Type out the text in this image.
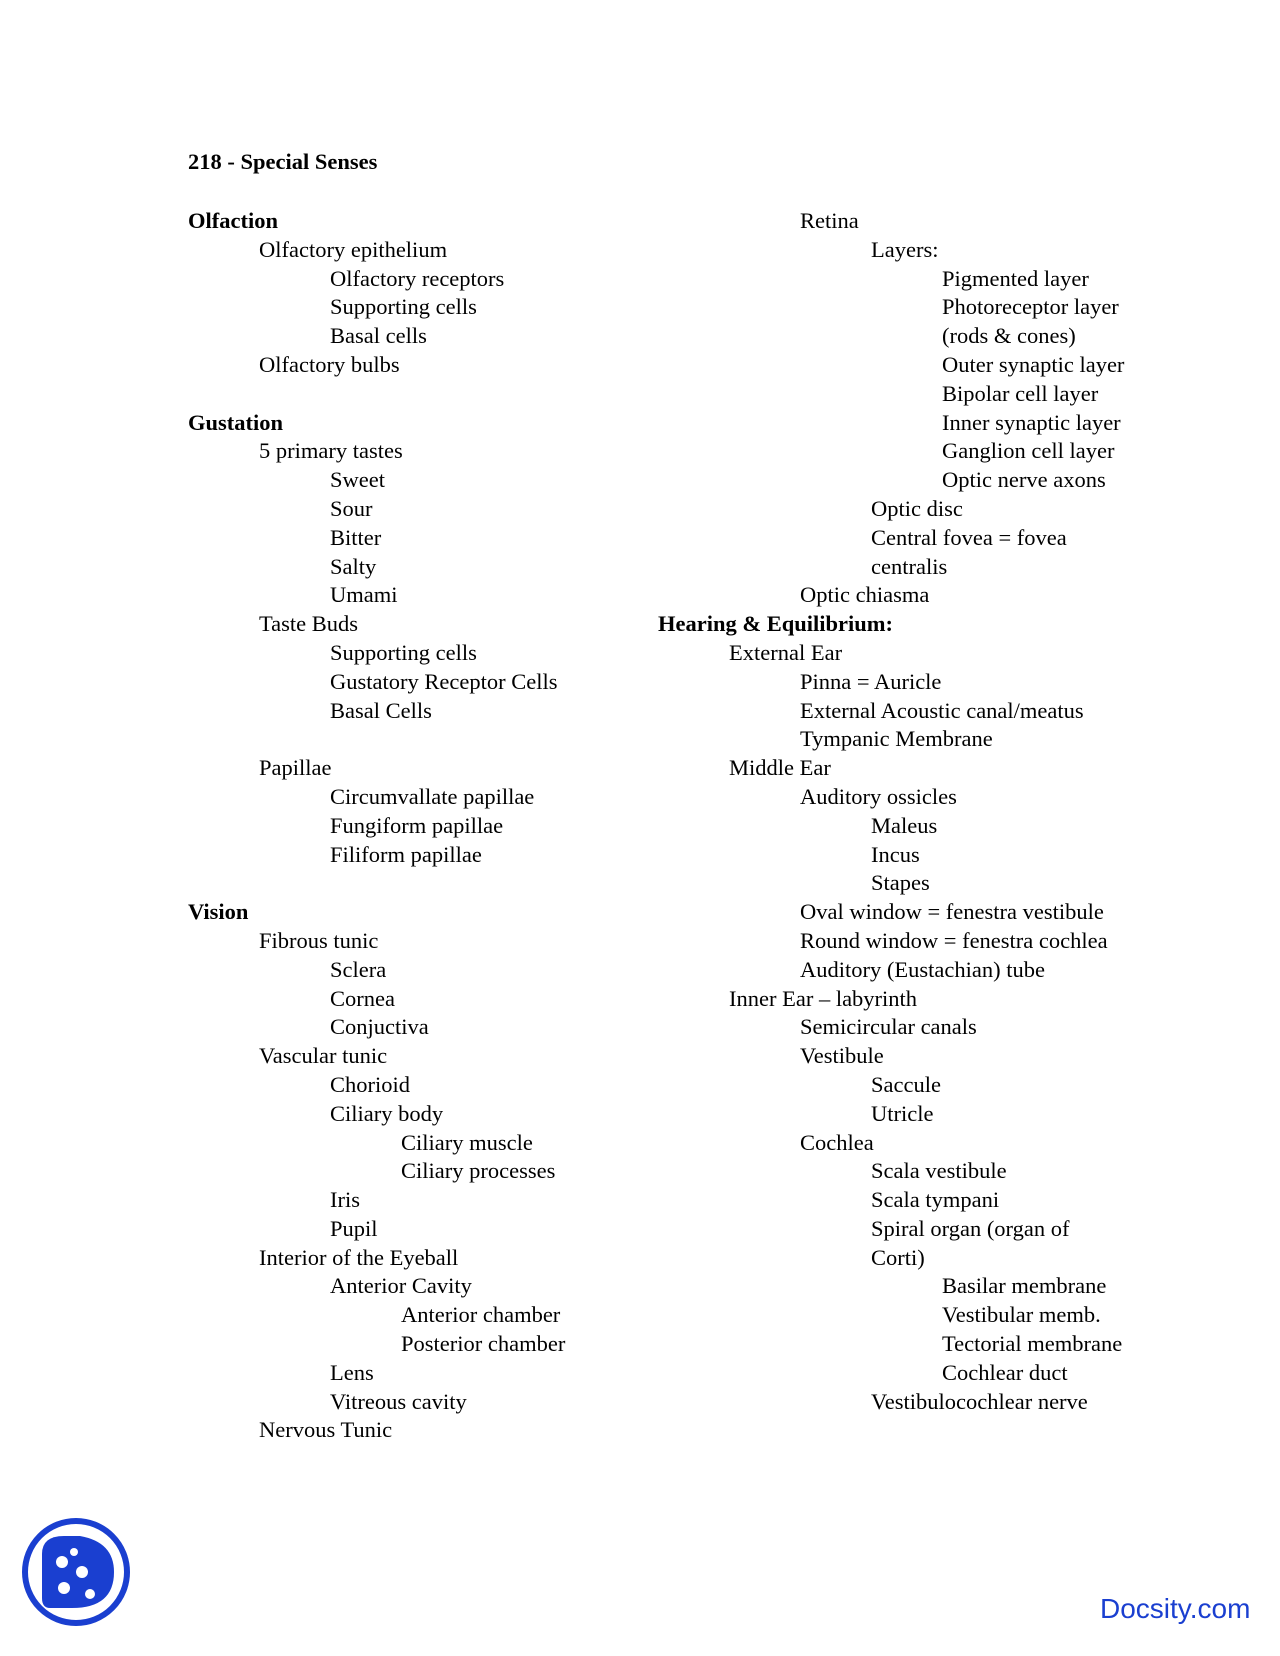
218 - Special Senses
Olfaction
Olfactory epithelium
Olfactory receptors
Supporting cells
Basal cells
Olfactory bulbs
Gustation
5 primary tastes
Sweet
Sour
Bitter
Salty
Umami
Taste Buds
Supporting cells
Gustatory Receptor Cells
Basal Cells
Papillae
Circumvallate papillae
Fungiform papillae
Filiform papillae
Vision
Fibrous tunic
Sclera
Cornea
Conjuctiva
Vascular tunic
Chorioid
Ciliary body
Ciliary muscle
Ciliary processes
Iris
Pupil
Interior of the Eyeball
Anterior Cavity
Anterior chamber
Posterior chamber
Lens
Vitreous cavity
Nervous Tunic
Retina
Layers:
Pigmented layer
Photoreceptor layer
(rods & cones)
Outer synaptic layer
Bipolar cell layer
Inner synaptic layer
Ganglion cell layer
Optic nerve axons
Optic disc
Central fovea = fovea
centralis
Optic chiasma
Hearing & Equilibrium:
External Ear
Pinna = Auricle
External Acoustic canal/meatus
Tympanic Membrane
Middle Ear
Auditory ossicles
Maleus
Incus
Stapes
Oval window = fenestra vestibule
Round window = fenestra cochlea
Auditory (Eustachian) tube
Inner Ear – labyrinth
Semicircular canals
Vestibule
Saccule
Utricle
Cochlea
Scala vestibule
Scala tympani
Spiral organ (organ of
Corti)
Basilar membrane
Vestibular memb.
Tectorial membrane
Cochlear duct
Vestibulocochlear nerve
Docsity.com
